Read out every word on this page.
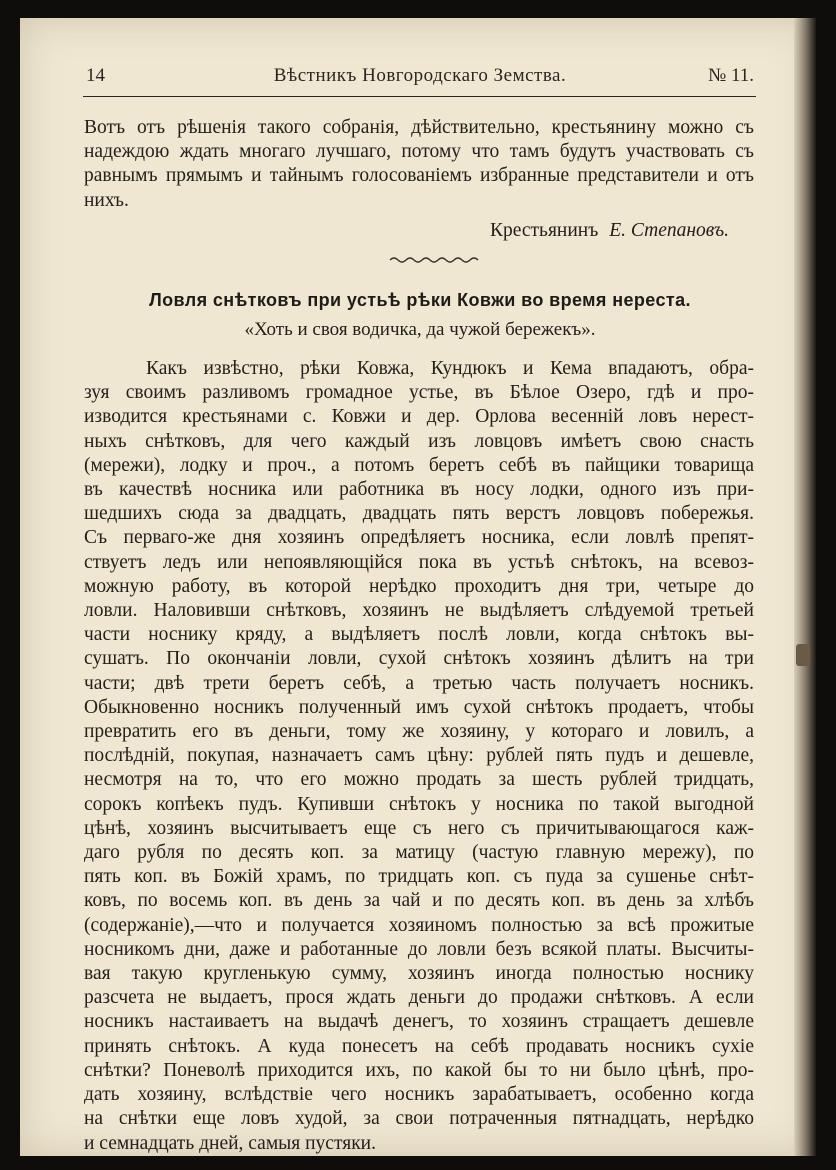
14	Вѣстникъ Новгородскаго Земства.	№ 11.
Вотъ отъ рѣшенія такого собранія, дѣйствительно, крестьянину можно съ надеждою ждать многаго лучшаго, потому что тамъ будутъ участвовать съ равнымъ прямымъ и тайнымъ голосованіемъ избранные представители и отъ нихъ.
Крестьянинъ Е. Степановъ.
Ловля снѣтковъ при устьѣ рѣки Ковжи во время нереста.
«Хоть и своя водичка, да чужой бережекъ».
Какъ извѣстно, рѣки Ковжа, Кундюкъ и Кема впадаютъ, обра-
зуя своимъ разливомъ громадное устье, въ Бѣлое Озеро, гдѣ и про-
изводится крестьянами с. Ковжи и дер. Орлова весенній ловъ нерест-
ныхъ снѣтковъ, для чего каждый изъ ловцовъ имѣетъ свою снасть
(мережи), лодку и проч., а потомъ беретъ себѣ въ пайщики товарища
въ качествѣ носника или работника въ носу лодки, одного изъ при-
шедшихъ сюда за двадцать, двадцать пять верстъ ловцовъ побережья.
Съ перваго-же дня хозяинъ опредѣляетъ носника, если ловлѣ препят-
ствуетъ ледъ или непоявляющійся пока въ устьѣ снѣтокъ, на всевоз-
можную работу, въ которой нерѣдко проходитъ дня три, четыре до
ловли. Наловивши снѣтковъ, хозяинъ не выдѣляетъ слѣдуемой третьей
части носнику кряду, а выдѣляетъ послѣ ловли, когда снѣтокъ вы-
сушатъ. По окончаніи ловли, сухой снѣтокъ хозяинъ дѣлитъ на три
части; двѣ трети беретъ себѣ, а третью часть получаетъ носникъ.
Обыкновенно носникъ полученный имъ сухой снѣтокъ продаетъ, чтобы
превратить его въ деньги, тому же хозяину, у котораго и ловилъ, а
послѣдній, покупая, назначаетъ самъ цѣну: рублей пять пудъ и дешевле,
несмотря на то, что его можно продать за шесть рублей тридцать,
сорокъ копѣекъ пудъ. Купивши снѣтокъ у носника по такой выгодной
цѣнѣ, хозяинъ высчитываетъ еще съ него съ причитывающагося каж-
даго рубля по десять коп. за матицу (частую главную мережу), по
пять коп. въ Божій храмъ, по тридцать коп. съ пуда за сушенье снѣт-
ковъ, по восемь коп. въ день за чай и по десять коп. въ день за хлѣбъ
(содержаніе),—что и получается хозяиномъ полностью за всѣ прожитые
носникомъ дни, даже и работанные до ловли безъ всякой платы. Высчиты-
вая такую кругленькую сумму, хозяинъ иногда полностью носнику
разсчета не выдаетъ, прося ждать деньги до продажи снѣтковъ. А если
носникъ настаиваетъ на выдачѣ денегъ, то хозяинъ стращаетъ дешевле
принять снѣтокъ. А куда понесетъ на себѣ продавать носникъ сухіе
снѣтки? Поневолѣ приходится ихъ, по какой бы то ни было цѣнѣ, про-
дать хозяину, вслѣдствіе чего носникъ зарабатываетъ, особенно когда
на снѣтки еще ловъ худой, за свои потраченныя пятнадцать, нерѣдко
и семнадцать дней, самыя пустяки.
